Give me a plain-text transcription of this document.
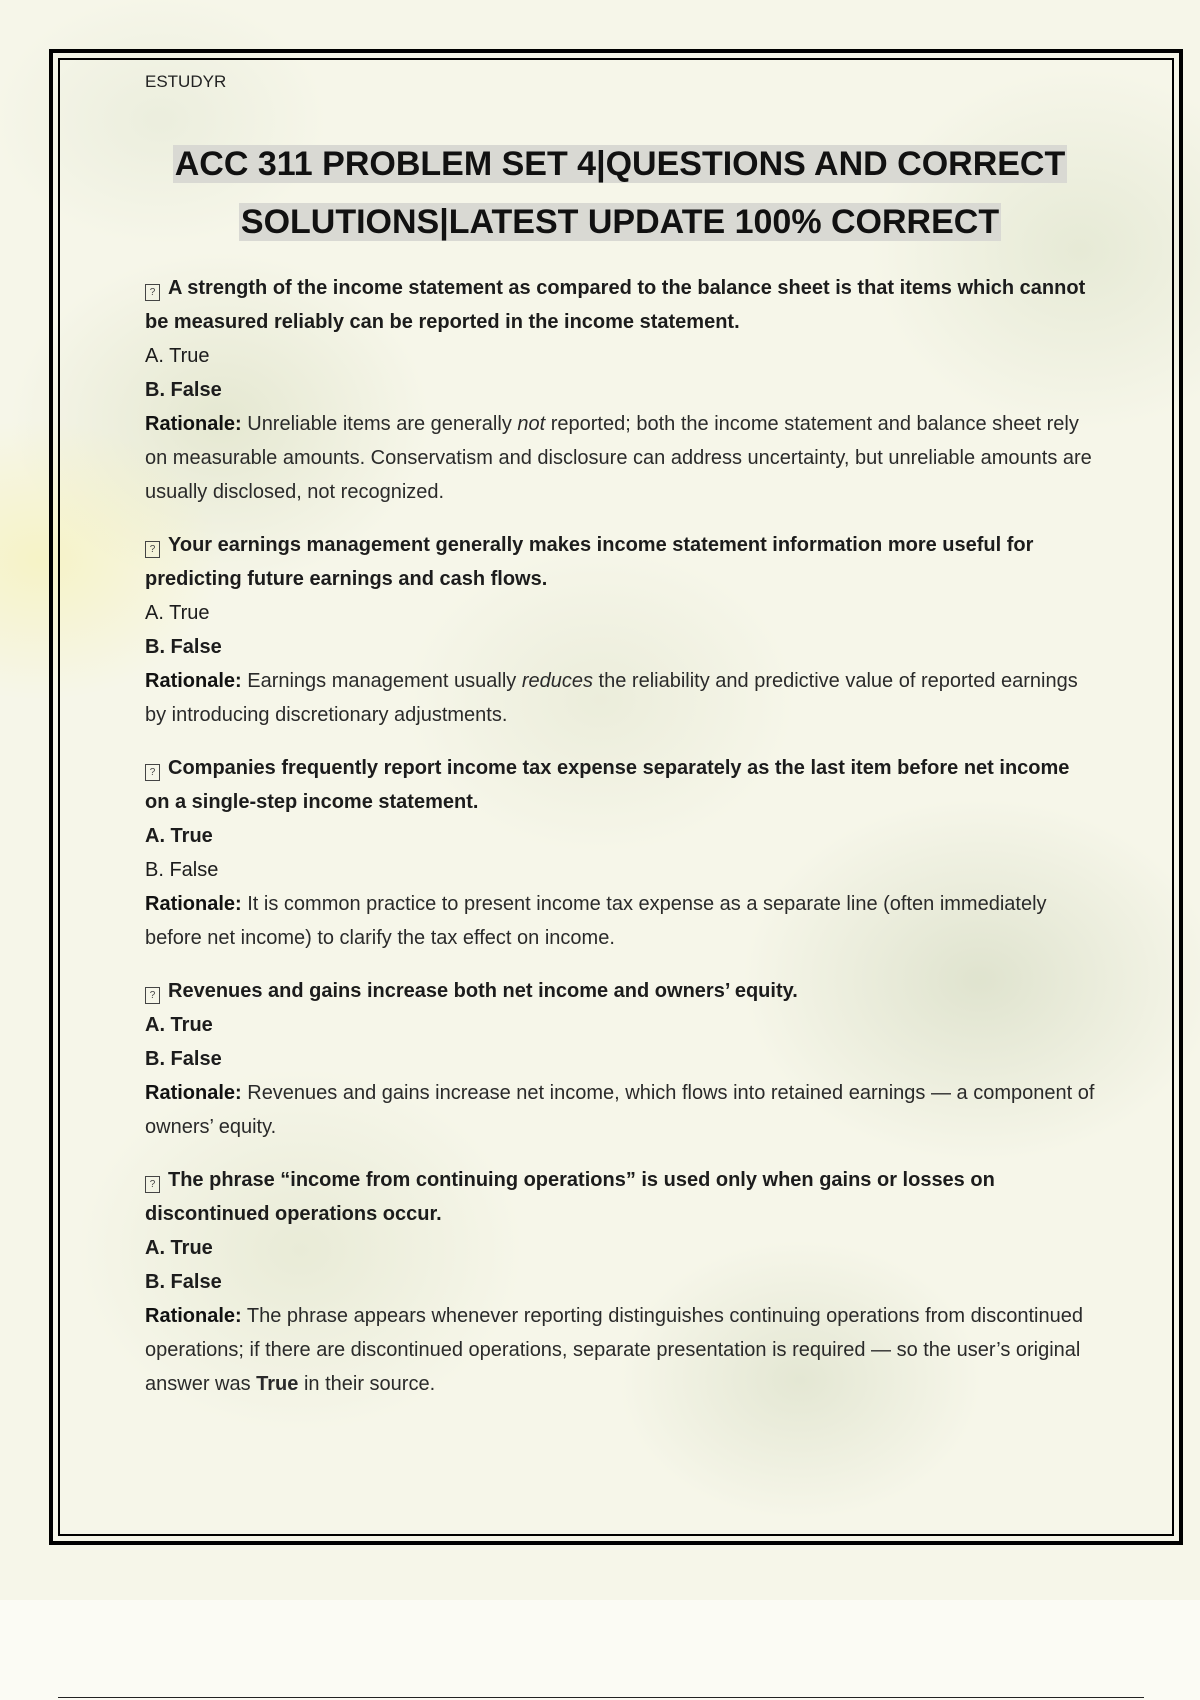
ESTUDYR
ACC 311 PROBLEM SET 4|QUESTIONS AND CORRECT
SOLUTIONS|LATEST UPDATE 100% CORRECT
? A strength of the income statement as compared to the balance sheet is that items which cannot be measured reliably can be reported in the income statement.
A. True
B. False
Rationale: Unreliable items are generally not reported; both the income statement and balance sheet rely on measurable amounts. Conservatism and disclosure can address uncertainty, but unreliable amounts are usually disclosed, not recognized.
? Your earnings management generally makes income statement information more useful for predicting future earnings and cash flows.
A. True
B. False
Rationale: Earnings management usually reduces the reliability and predictive value of reported earnings by introducing discretionary adjustments.
? Companies frequently report income tax expense separately as the last item before net income on a single-step income statement.
A. True
B. False
Rationale: It is common practice to present income tax expense as a separate line (often immediately before net income) to clarify the tax effect on income.
? Revenues and gains increase both net income and owners’ equity.
A. True
B. False
Rationale: Revenues and gains increase net income, which flows into retained earnings — a component of owners’ equity.
? The phrase “income from continuing operations” is used only when gains or losses on discontinued operations occur.
A. True
B. False
Rationale: The phrase appears whenever reporting distinguishes continuing operations from discontinued operations; if there are discontinued operations, separate presentation is required — so the user’s original answer was True in their source.
